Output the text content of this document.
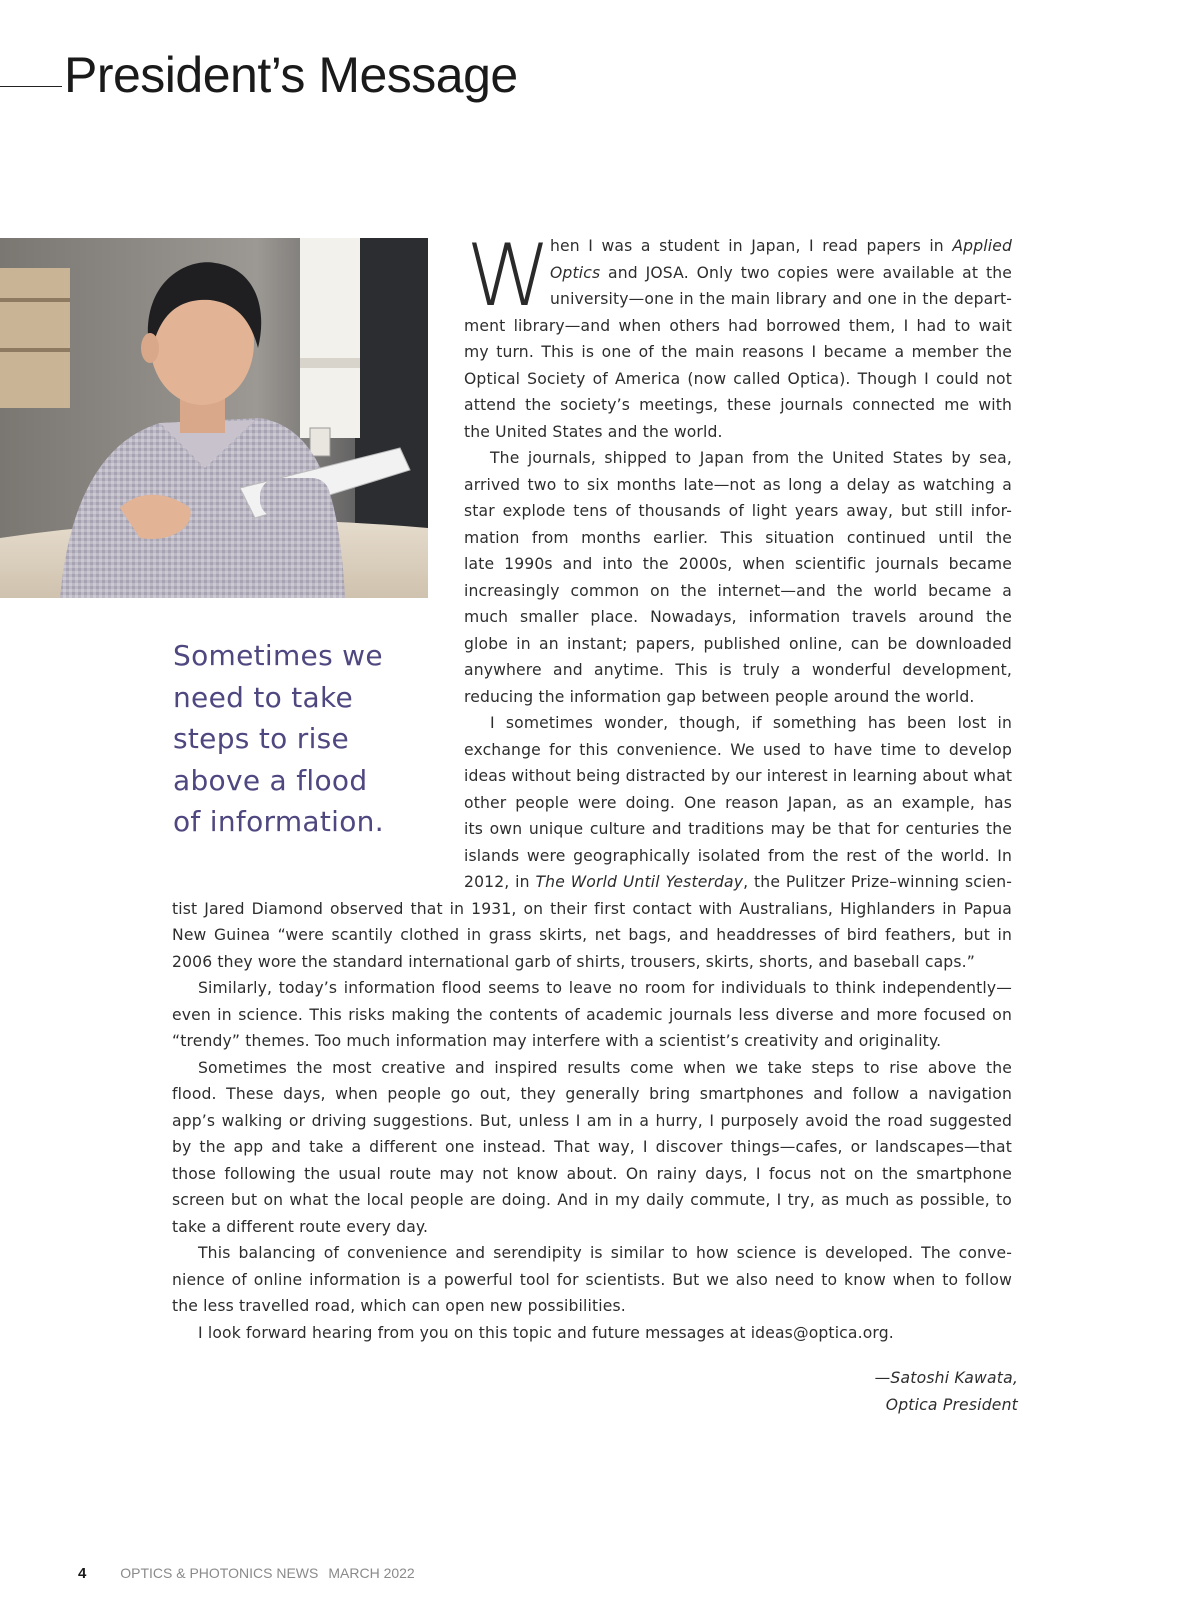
President’s Message
Sometimes we
need to take
steps to rise
above a flood
of information.
W
hen I was a student in Japan, I read papers in Applied
Optics and JOSA. Only two copies were available at the
university—one in the main library and one in the depart-
ment library—and when others had borrowed them, I had to wait
my turn. This is one of the main reasons I became a member the
Optical Society of America (now called Optica). Though I could not
attend the society’s meetings, these journals connected me with
the United States and the world.
The journals, shipped to Japan from the United States by sea,
arrived two to six months late—not as long a delay as watching a
star explode tens of thousands of light years away, but still infor-
mation from months earlier. This situation continued until the
late 1990s and into the 2000s, when scientific journals became
increasingly common on the internet—and the world became a
much smaller place. Nowadays, information travels around the
globe in an instant; papers, published online, can be downloaded
anywhere and anytime. This is truly a wonderful development,
reducing the information gap between people around the world.
I sometimes wonder, though, if something has been lost in
exchange for this convenience. We used to have time to develop
ideas without being distracted by our interest in learning about what
other people were doing. One reason Japan, as an example, has
its own unique culture and traditions may be that for centuries the
islands were geographically isolated from the rest of the world. In
2012, in The World Until Yesterday, the Pulitzer Prize–winning scien-
tist Jared Diamond observed that in 1931, on their first contact with Australians, Highlanders in Papua
New Guinea “were scantily clothed in grass skirts, net bags, and headdresses of bird feathers, but in
2006 they wore the standard international garb of shirts, trousers, skirts, shorts, and baseball caps.”
Similarly, today’s information flood seems to leave no room for individuals to think independently—
even in science. This risks making the contents of academic journals less diverse and more focused on
“trendy” themes. Too much information may interfere with a scientist’s creativity and originality.
Sometimes the most creative and inspired results come when we take steps to rise above the
flood. These days, when people go out, they generally bring smartphones and follow a navigation
app’s walking or driving suggestions. But, unless I am in a hurry, I purposely avoid the road suggested
by the app and take a different one instead. That way, I discover things—cafes, or landscapes—that
those following the usual route may not know about. On rainy days, I focus not on the smartphone
screen but on what the local people are doing. And in my daily commute, I try, as much as possible, to
take a different route every day.
This balancing of convenience and serendipity is similar to how science is developed. The conve-
nience of online information is a powerful tool for scientists. But we also need to know when to follow
the less travelled road, which can open new possibilities.
I look forward hearing from you on this topic and future messages at ideas@optica.org.
—Satoshi Kawata,
Optica President
4 OPTICS & PHOTONICS NEWS MARCH 2022
